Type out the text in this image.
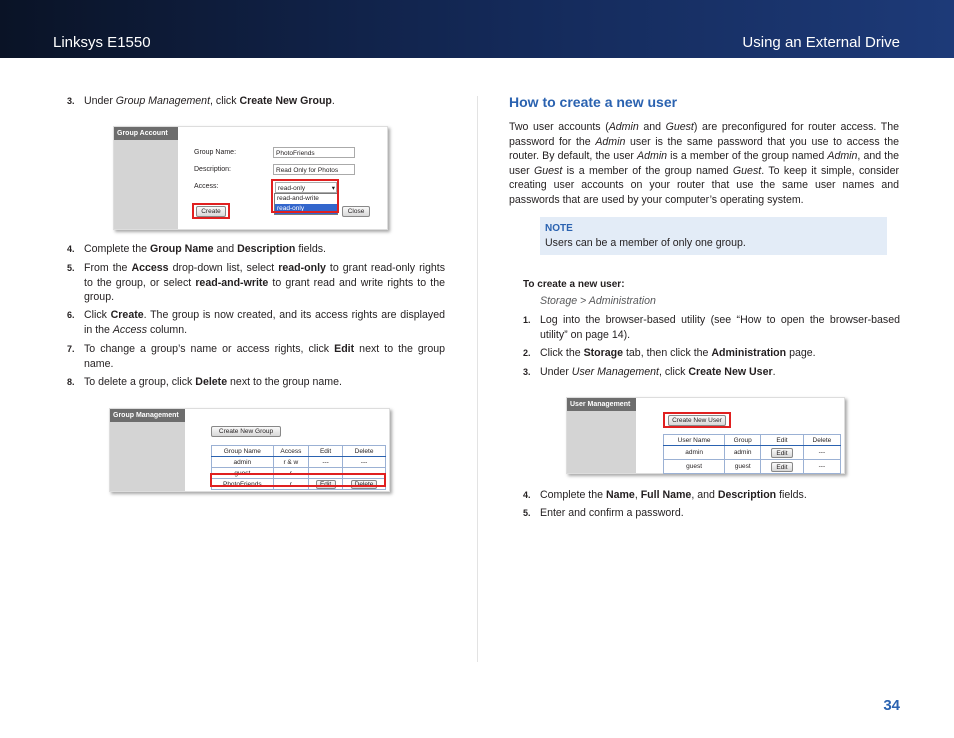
Linksys E1550	Using an External Drive
3. Under Group Management, click Create New Group.
Group Account
Group Name:	PhotoFriends
Description:	Read Only for Photos
Access:	read-only	▾
read-and-write
read-only
Create	Close
4. Complete the Group Name and Description fields.
5. From the Access drop-down list, select read-only to grant read-only rights to the group, or select read-and-write to grant read and write rights to the group.
6. Click Create. The group is now created, and its access rights are displayed in the Access column.
7. To change a group’s name or access rights, click Edit next to the group name.
8. To delete a group, click Delete next to the group name.
Group Management
Create New Group
Group Name	Access	Edit	Delete
admin	r & w	---	---
guest	r	---	---
PhotoFriends	r	Edit	Delete
How to create a new user
Two user accounts (Admin and Guest) are preconfigured for router access. The password for the Admin user is the same password that you use to access the router. By default, the user Admin is a member of the group named Admin, and the user Guest is a member of the group named Guest. To keep it simple, consider creating user accounts on your router that use the same user names and passwords that are used by your computer’s operating system.
NOTE
Users can be a member of only one group.
To create a new user:
Storage > Administration
1. Log into the browser-based utility (see “How to open the browser-based utility” on page 14).
2. Click the Storage tab, then click the Administration page.
3. Under User Management, click Create New User.
User Management
Create New User
User Name	Group	Edit	Delete
admin	admin	Edit	---
guest	guest	Edit	---
4. Complete the Name, Full Name, and Description fields.
5. Enter and confirm a password.
34
